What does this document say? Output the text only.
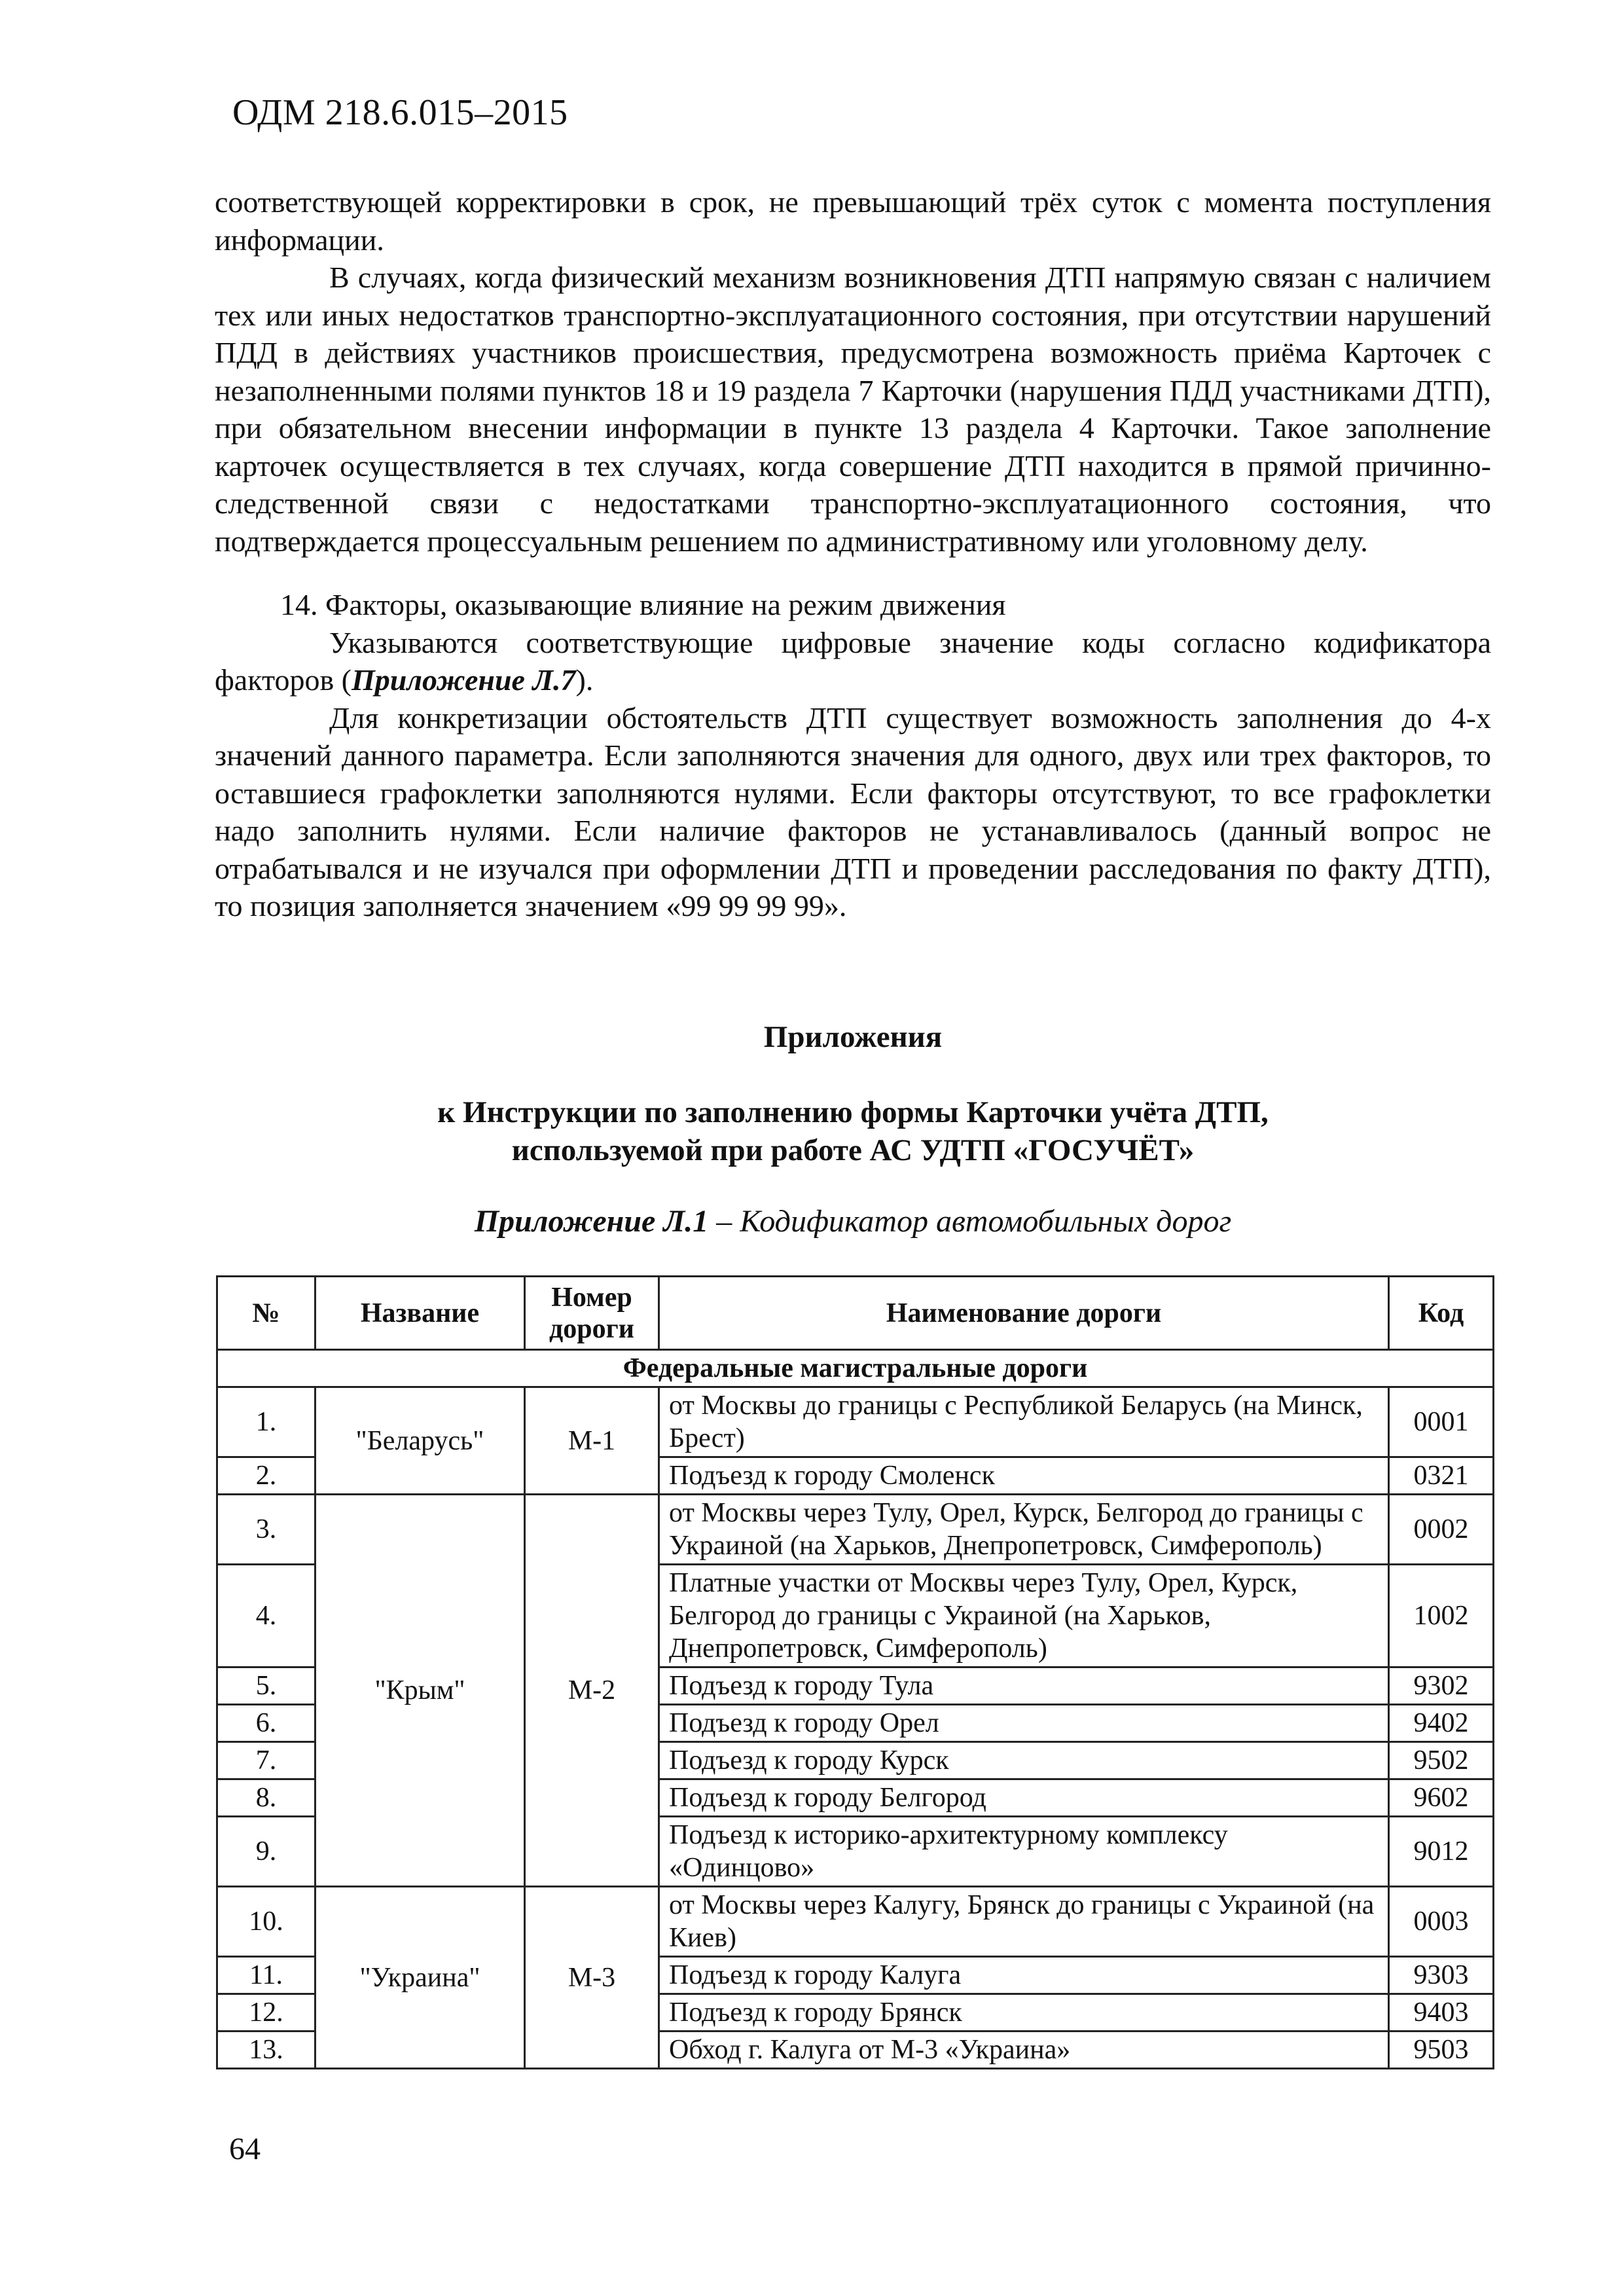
ОДМ 218.6.015–2015

соответствующей корректировки в срок, не превышающий трёх суток с момента поступления информации.

В случаях, когда физический механизм возникновения ДТП напрямую связан с наличием тех или иных недостатков транспортно-эксплуатационного состояния, при отсутствии нарушений ПДД в действиях участников происшествия, предусмотрена возможность приёма Карточек с незаполненными полями пунктов 18 и 19 раздела 7 Карточки (нарушения ПДД участниками ДТП), при обязательном внесении информации в пункте 13 раздела 4 Карточки. Такое заполнение карточек осуществляется в тех случаях, когда совершение ДТП находится в прямой причинно-следственной связи с недостатками транспортно-эксплуатационного состояния, что подтверждается процессуальным решением по административному или уголовному делу.

14. Факторы, оказывающие влияние на режим движения

Указываются соответствующие цифровые значение коды согласно кодификатора факторов (Приложение Л.7).

Для конкретизации обстоятельств ДТП существует возможность заполнения до 4-х значений данного параметра. Если заполняются значения для одного, двух или трех факторов, то оставшиеся графоклетки заполняются нулями. Если факторы отсутствуют, то все графоклетки надо заполнить нулями. Если наличие факторов не устанавливалось (данный вопрос не отрабатывался и не изучался при оформлении ДТП и проведении расследования по факту ДТП), то позиция заполняется значением «99 99 99 99».

Приложения
к Инструкции по заполнению формы Карточки учёта ДТП,
используемой при работе АС УДТП «ГОСУЧЁТ»
Приложение Л.1 – Кодификатор автомобильных дорог
№	Название	Номер дороги	Наименование дороги	Код
Федеральные магистральные дороги				
1.	"Беларусь"	М-1	от Москвы до границы с Республикой Беларусь (на Минск, Брест)	0001
2.			Подъезд к городу Смоленск	0321
3.	"Крым"	М-2	от Москвы через Тулу, Орел, Курск, Белгород до границы с Украиной (на Харьков, Днепропетровск, Симферополь)	0002
4.			Платные участки от Москвы через Тулу, Орел, Курск, Белгород до границы с Украиной (на Харьков, Днепропетровск, Симферополь)	1002
5.			Подъезд к городу Тула	9302
6.			Подъезд к городу Орел	9402
7.			Подъезд к городу Курск	9502
8.			Подъезд к городу Белгород	9602
9.			Подъезд к историко-архитектурному комплексу «Одинцово»	9012
10.	"Украина"	М-3	от Москвы через Калугу, Брянск до границы с Украиной (на Киев)	0003
11.			Подъезд к городу Калуга	9303
12.			Подъезд к городу Брянск	9403
13.			Обход г. Калуга от М-3 «Украина»	9503
64
